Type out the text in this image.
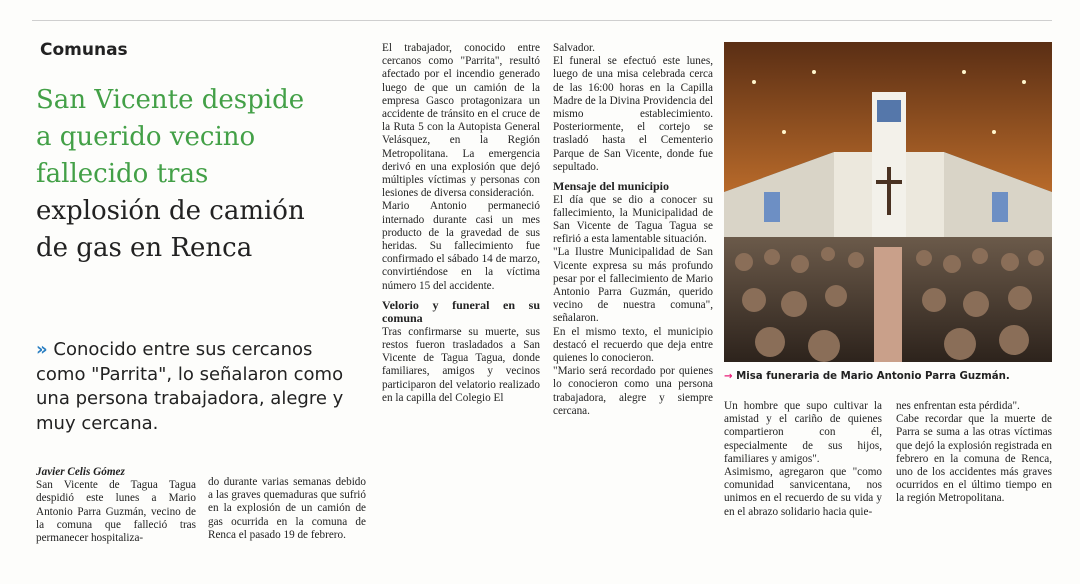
Comunas
San Vicente despide
a querido vecino
fallecido tras
explosión de camión
de gas en Renca
» Conocido entre sus cercanos como "Parrita", lo señalaron como una persona trabajadora, alegre y muy cercana.

Javier Celis Gómez

San Vicente de Tagua Tagua despidió este lunes a Mario Antonio Parra Guzmán, vecino de la comuna que falleció tras permanecer hospitaliza-

do durante varias semanas debido a las graves quemaduras que sufrió en la explosión de un camión de gas ocurrida en la comuna de Renca el pasado 19 de febrero.

El trabajador, conocido entre cercanos como "Parrita", resultó afectado por el incendio generado luego de que un camión de la empresa Gasco protagonizara un accidente de tránsito en el cruce de la Ruta 5 con la Autopista General Velásquez, en la Región Metropolitana. La emergencia derivó en una explosión que dejó múltiples víctimas y personas con lesiones de diversa consideración.

Mario Antonio permaneció internado durante casi un mes producto de la gravedad de sus heridas. Su fallecimiento fue confirmado el sábado 14 de marzo, convirtiéndose en la víctima número 15 del accidente.

Velorio y funeral en su comuna

Tras confirmarse su muerte, sus restos fueron trasladados a San Vicente de Tagua Tagua, donde familiares, amigos y vecinos participaron del velatorio realizado en la capilla del Colegio El

Salvador.

El funeral se efectuó este lunes, luego de una misa celebrada cerca de las 16:00 horas en la Capilla Madre de la Divina Providencia del mismo establecimiento. Posteriormente, el cortejo se trasladó hasta el Cementerio Parque de San Vicente, donde fue sepultado.

Mensaje del municipio

El día que se dio a conocer su fallecimiento, la Municipalidad de San Vicente de Tagua Tagua se refirió a esta lamentable situación.

"La Ilustre Municipalidad de San Vicente expresa su más profundo pesar por el fallecimiento de Mario Antonio Parra Guzmán, querido vecino de nuestra comuna", señalaron.

En el mismo texto, el municipio destacó el recuerdo que deja entre quienes lo conocieron.

"Mario será recordado por quienes lo conocieron como una persona trabajadora, alegre y siempre cercana.

→ Misa funeraria de Mario Antonio Parra Guzmán.

Un hombre que supo cultivar la amistad y el cariño de quienes compartieron con él, especialmente de sus hijos, familiares y amigos".

Asimismo, agregaron que "como comunidad sanvicentana, nos unimos en el recuerdo de su vida y en el abrazo solidario hacia quie-

nes enfrentan esta pérdida".

Cabe recordar que la muerte de Parra se suma a las otras víctimas que dejó la explosión registrada en febrero en la comuna de Renca, uno de los accidentes más graves ocurridos en el último tiempo en la región Metropolitana.
